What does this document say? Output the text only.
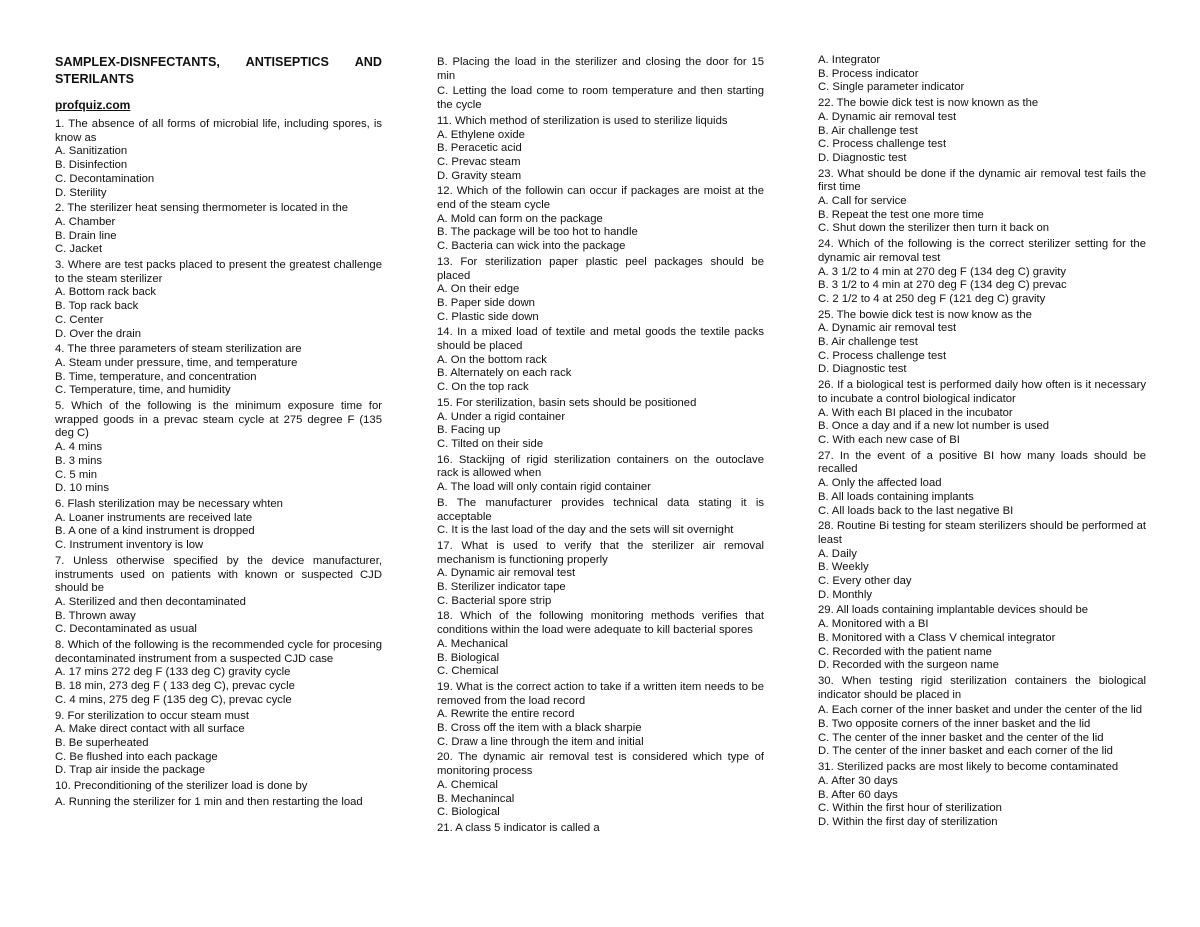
SAMPLEX-DISNFECTANTS, ANTISEPTICS AND STERILANTS
profquiz.com
1. The absence of all forms of microbial life, including spores, is know as
A. Sanitization
B. Disinfection
C. Decontamination
D. Sterility
2. The sterilizer heat sensing thermometer is located in the
A. Chamber
B. Drain line
C. Jacket
3. Where are test packs placed to present the greatest challenge to the steam sterilizer
A. Bottom rack back
B. Top rack back
C. Center
D. Over the drain
4. The three parameters of steam sterilization are
A. Steam under pressure, time, and temperature
B. Time, temperature, and concentration
C. Temperature, time, and humidity
5. Which of the following is the minimum exposure time for wrapped goods in a prevac steam cycle at 275 degree F (135 deg C)
A. 4 mins
B. 3 mins
C. 5 min
D. 10 mins
6. Flash sterilization may be necessary whten
A. Loaner instruments are received late
B. A one of a kind instrument is dropped
C. Instrument inventory is low
7. Unless otherwise specified by the device manufacturer, instruments used on patients with known or suspected CJD should be
A. Sterilized and then decontaminated
B. Thrown away
C. Decontaminated as usual
8. Which of the following is the recommended cycle for procesing decontaminated instrument from a suspected CJD case
A. 17 mins 272 deg F (133 deg C) gravity cycle
B. 18 min, 273 deg F ( 133 deg C), prevac cycle
C. 4 mins, 275 deg F (135 deg C), prevac cycle
9. For sterilization to occur steam must
A. Make direct contact with all surface
B. Be superheated
C. Be flushed into each package
D. Trap air inside the package
10. Preconditioning of the sterilizer load is done by
A. Running the sterilizer for 1 min and then restarting the load
B. Placing the load in the sterilizer and closing the door for 15 min
C. Letting the load come to room temperature and then starting the cycle
11. Which method of sterilization is used to sterilize liquids
A. Ethylene oxide
B. Peracetic acid
C. Prevac steam
D. Gravity steam
12. Which of the followin can occur if packages are moist at the end of the steam cycle
A. Mold can form on the package
B. The package will be too hot to handle
C. Bacteria can wick into the package
13. For sterilization paper plastic peel packages should be placed
A. On their edge
B. Paper side down
C. Plastic side down
14. In a mixed load of textile and metal goods the textile packs should be placed
A. On the bottom rack
B. Alternately on each rack
C. On the top rack
15. For sterilization, basin sets should be positioned
A. Under a rigid container
B. Facing up
C. Tilted on their side
16. Stackijng of rigid sterilization containers on the outoclave rack is allowed when
A. The load will only contain rigid container
B. The manufacturer provides technical data stating it is acceptable
C. It is the last load of the day and the sets will sit overnight
17. What is used to verify that the sterilizer air removal mechanism is functioning properly
A. Dynamic air removal test
B. Sterilizer indicator tape
C. Bacterial spore strip
18. Which of the following monitoring methods verifies that conditions within the load were adequate to kill bacterial spores
A. Mechanical
B. Biological
C. Chemical
19. What is the correct action to take if a written item needs to be removed from the load record
A. Rewrite the entire record
B. Cross off the item with a black sharpie
C. Draw a line through the item and initial
20. The dynamic air removal test is considered which type of monitoring process
A. Chemical
B. Mechanincal
C. Biological
21. A class 5 indicator is called a
A. Integrator
B. Process indicator
C. Single parameter indicator
22. The bowie dick test is now known as the
A. Dynamic air removal test
B. Air challenge test
C. Process challenge test
D. Diagnostic test
23. What should be done if the dynamic air removal test fails the first time
A. Call for service
B. Repeat the test one more time
C. Shut down the sterilizer then turn it back on
24. Which of the following is the correct sterilizer setting for the dynamic air removal test
A. 3 1/2 to 4 min at 270 deg F (134 deg C) gravity
B. 3 1/2 to 4 min at 270 deg F (134 deg C) prevac
C. 2 1/2 to 4 at 250 deg F (121 deg C) gravity
25. The bowie dick test is now know as the
A. Dynamic air removal test
B. Air challenge test
C. Process challenge test
D. Diagnostic test
26. If a biological test is performed daily how often is it necessary to incubate a control biological indicator
A. With each BI placed in the incubator
B. Once a day and if a new lot number is used
C. With each new case of BI
27. In the event of a positive BI how many loads should be recalled
A. Only the affected load
B. All loads containing implants
C. All loads back to the last negative BI
28. Routine Bi testing for steam sterilizers should be performed at least
A. Daily
B. Weekly
C. Every other day
D. Monthly
29. All loads containing implantable devices should be
A. Monitored with a BI
B. Monitored with a Class V chemical integrator
C. Recorded with the patient name
D. Recorded with the surgeon name
30. When testing rigid sterilization containers the biological indicator should be placed in
A. Each corner of the inner basket and under the center of the lid
B. Two opposite corners of the inner basket and the lid
C. The center of the inner basket and the center of the lid
D. The center of the inner basket and each corner of the lid
31. Sterilized packs are most likely to become contaminated
A. After 30 days
B. After 60 days
C. Within the first hour of sterilization
D. Within the first day of sterilization
